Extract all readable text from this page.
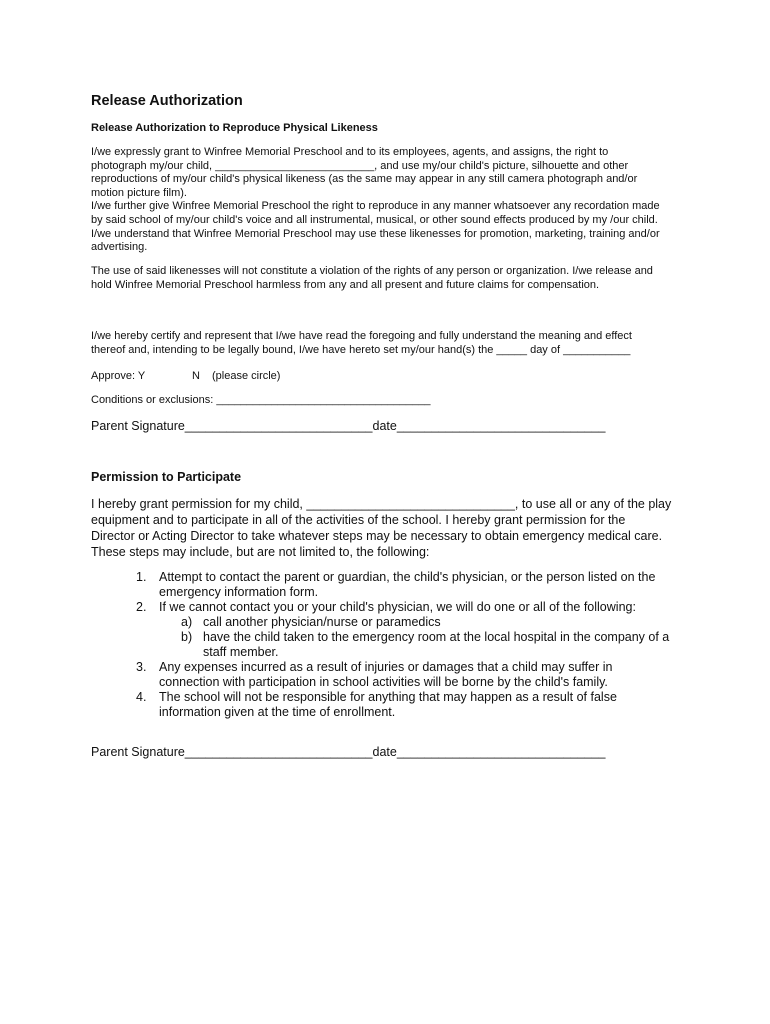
Release Authorization
Release Authorization to Reproduce Physical Likeness
I/we expressly grant to Winfree Memorial Preschool and to its employees, agents, and assigns, the right to
photograph my/our child, __________________________, and use my/our child's picture, silhouette and other
reproductions of my/our child's physical likeness (as the same may appear in any still camera photograph and/or
motion picture film).
I/we further give Winfree Memorial Preschool the right to reproduce in any manner whatsoever any recordation made
by said school of my/our child's voice and all instrumental, musical, or other sound effects produced by my /our child.
I/we understand that Winfree Memorial Preschool may use these likenesses for promotion, marketing, training and/or
advertising.
The use of said likenesses will not constitute a violation of the rights of any person or organization. I/we release and
hold Winfree Memorial Preschool harmless from any and all present and future claims for compensation.
I/we hereby certify and represent that I/we have read the foregoing and fully understand the meaning and effect
thereof and, intending to be legally bound, I/we have hereto set my/our hand(s) the _____ day of ___________
Approve: Y	N (please circle)
Conditions or exclusions: ___________________________________
Parent Signature___________________________date______________________________
Permission to Participate
I hereby grant permission for my child, ______________________________, to use all or any of the play
equipment and to participate in all of the activities of the school. I hereby grant permission for the
Director or Acting Director to take whatever steps may be necessary to obtain emergency medical care.
These steps may include, but are not limited to, the following:
1. Attempt to contact the parent or guardian, the child's physician, or the person listed on the
emergency information form.
2. If we cannot contact you or your child's physician, we will do one or all of the following:
a) call another physician/nurse or paramedics
b) have the child taken to the emergency room at the local hospital in the company of a
staff member.
3. Any expenses incurred as a result of injuries or damages that a child may suffer in
connection with participation in school activities will be borne by the child's family.
4. The school will not be responsible for anything that may happen as a result of false
information given at the time of enrollment.
Parent Signature___________________________date______________________________
